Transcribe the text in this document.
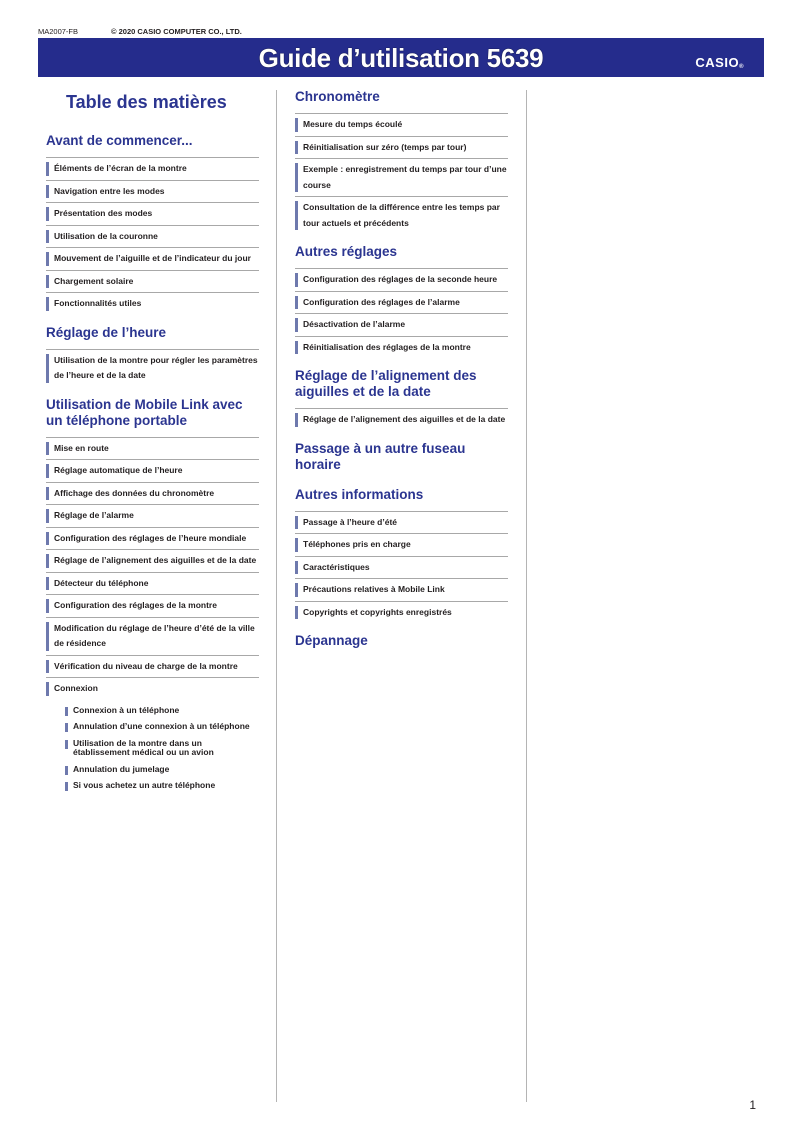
MA2007-FB	© 2020 CASIO COMPUTER CO., LTD.
Guide d’utilisation 5639	CASIO®
Table des matières
Avant de commencer...
Éléments de l’écran de la montre
Navigation entre les modes
Présentation des modes
Utilisation de la couronne
Mouvement de l’aiguille et de l’indicateur du jour
Chargement solaire
Fonctionnalités utiles
Réglage de l’heure
Utilisation de la montre pour régler les paramètres de l’heure et de la date
Utilisation de Mobile Link avec un téléphone portable
Mise en route
Réglage automatique de l’heure
Affichage des données du chronomètre
Réglage de l’alarme
Configuration des réglages de l’heure mondiale
Réglage de l’alignement des aiguilles et de la date
Détecteur du téléphone
Configuration des réglages de la montre
Modification du réglage de l’heure d’été de la ville de résidence
Vérification du niveau de charge de la montre
Connexion
Connexion à un téléphone
Annulation d’une connexion à un téléphone
Utilisation de la montre dans un établissement médical ou un avion
Annulation du jumelage
Si vous achetez un autre téléphone
Chronomètre
Mesure du temps écoulé
Réinitialisation sur zéro (temps par tour)
Exemple : enregistrement du temps par tour d’une course
Consultation de la différence entre les temps par tour actuels et précédents
Autres réglages
Configuration des réglages de la seconde heure
Configuration des réglages de l’alarme
Désactivation de l’alarme
Réinitialisation des réglages de la montre
Réglage de l’alignement des aiguilles et de la date
Réglage de l’alignement des aiguilles et de la date
Passage à un autre fuseau horaire
Autres informations
Passage à l’heure d’été
Téléphones pris en charge
Caractéristiques
Précautions relatives à Mobile Link
Copyrights et copyrights enregistrés
Dépannage
1
